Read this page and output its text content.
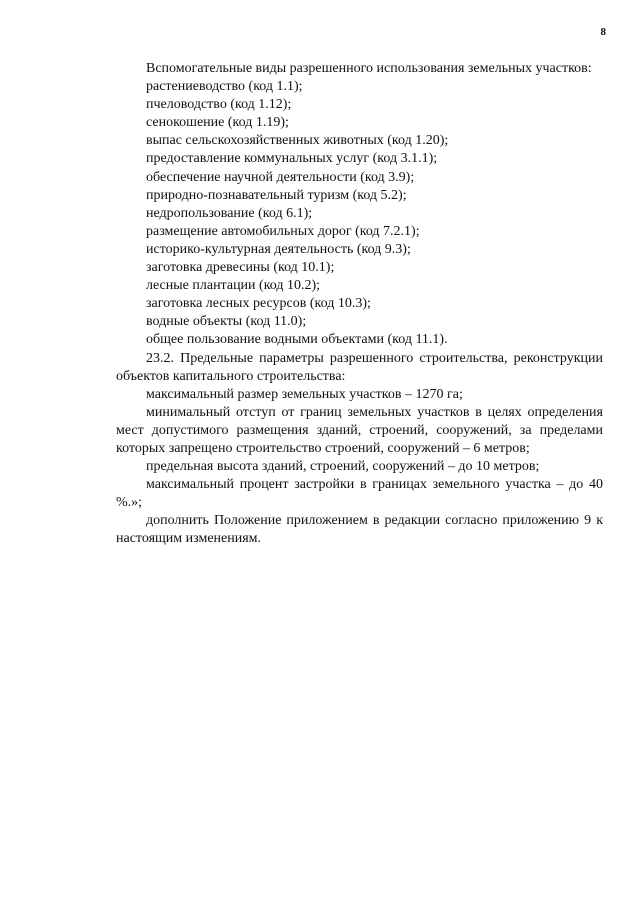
8

Вспомогательные виды разрешенного использования земельных участков:

растениеводство (код 1.1);

пчеловодство (код 1.12);

сенокошение (код 1.19);

выпас сельскохозяйственных животных (код 1.20);

предоставление коммунальных услуг (код 3.1.1);

обеспечение научной деятельности (код 3.9);

природно-познавательный туризм (код 5.2);

недропользование (код 6.1);

размещение автомобильных дорог (код 7.2.1);

историко-культурная деятельность (код 9.3);

заготовка древесины (код 10.1);

лесные плантации (код 10.2);

заготовка лесных ресурсов (код 10.3);

водные объекты (код 11.0);

общее пользование водными объектами (код 11.1).

23.2. Предельные параметры разрешенного строительства, реконструкции объектов капитального строительства:

максимальный размер земельных участков – 1270 га;

минимальный отступ от границ земельных участков в целях определения мест допустимого размещения зданий, строений, сооружений, за пределами которых запрещено строительство строений, сооружений – 6 метров;

предельная высота зданий, строений, сооружений – до 10 метров;

максимальный процент застройки в границах земельного участка – до 40 %.»;

дополнить Положение приложением в редакции согласно приложению 9 к настоящим изменениям.
